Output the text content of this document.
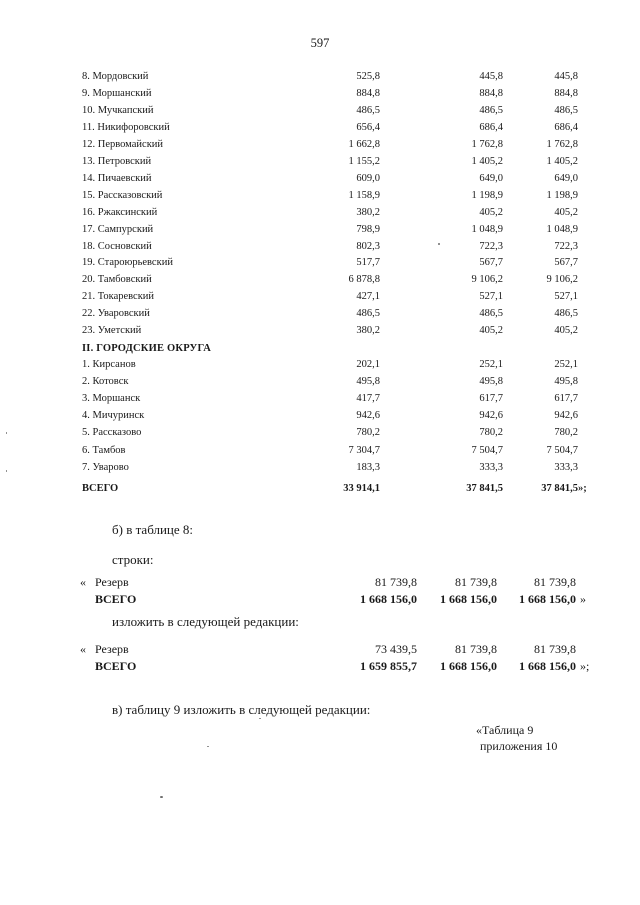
597
8. Мордовский	525,8	445,8	445,8
9. Моршанский	884,8	884,8	884,8
10. Мучкапский	486,5	486,5	486,5
11. Никифоровский	656,4	686,4	686,4
12. Первомайский	1 662,8	1 762,8	1 762,8
13. Петровский	1 155,2	1 405,2	1 405,2
14. Пичаевский	609,0	649,0	649,0
15. Рассказовский	1 158,9	1 198,9	1 198,9
16. Ржаксинский	380,2	405,2	405,2
17. Сампурский	798,9	1 048,9	1 048,9
18. Сосновский	802,3	722,3	722,3
19. Староюрьевский	517,7	567,7	567,7
20. Тамбовский	6 878,8	9 106,2	9 106,2
21. Токаревский	427,1	527,1	527,1
22. Уваровский	486,5	486,5	486,5
23. Уметский	380,2	405,2	405,2
II. ГОРОДСКИЕ ОКРУГА
1. Кирсанов	202,1	252,1	252,1
2. Котовск	495,8	495,8	495,8
3. Моршанск	417,7	617,7	617,7
4. Мичуринск	942,6	942,6	942,6
5. Рассказово	780,2	780,2	780,2
6. Тамбов	7 304,7	7 504,7	7 504,7
7. Уварово	183,3	333,3	333,3
ВСЕГО	33 914,1	37 841,5	37 841,5 »;
б) в таблице 8:
строки:
« Резерв	81 739,8	81 739,8	81 739,8
ВСЕГО	1 668 156,0	1 668 156,0	1 668 156,0 »
изложить в следующей редакции:
« Резерв	73 439,5	81 739,8	81 739,8
ВСЕГО	1 659 855,7	1 668 156,0	1 668 156,0 »;
в) таблицу 9 изложить в следующей редакции:
«Таблица 9
приложения 10
